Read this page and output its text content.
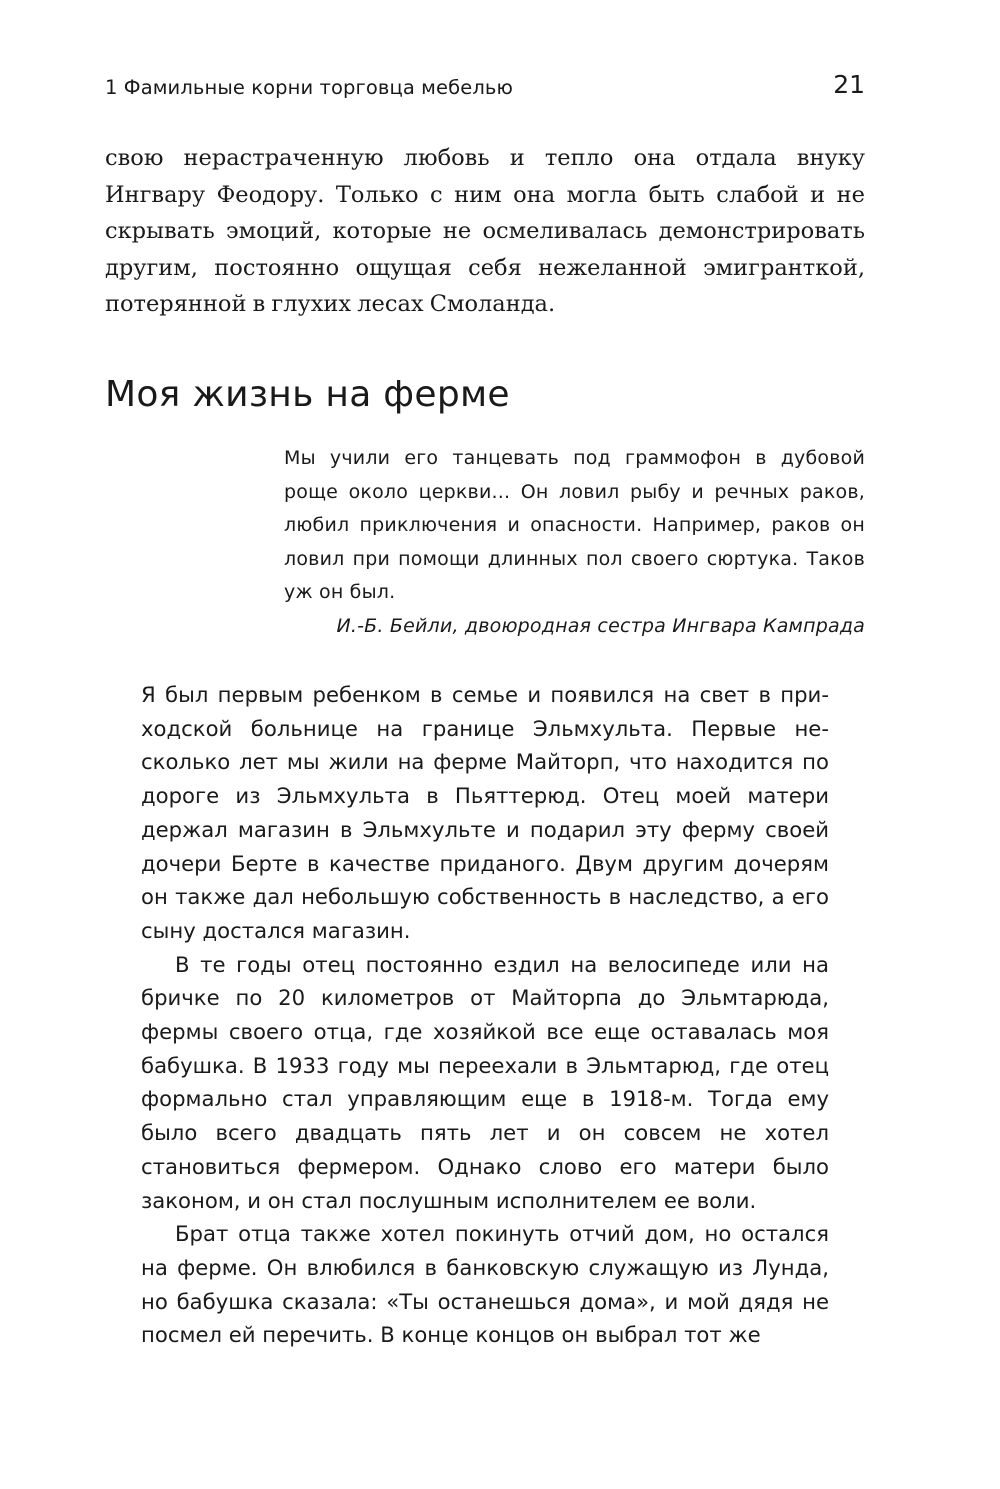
1 Фамильные корни торговца мебелью	21

свою нерастраченную любовь и тепло она отдала внуку Ингвару Феодору. Только с ним она могла быть слабой и не скрывать эмоций, которые не осмеливалась демонстрировать другим, постоянно ощущая себя нежеланной эмигранткой, потерянной в глухих лесах Смоланда.

Моя жизнь на ферме

Мы учили его танцевать под граммофон в дубовой роще около церкви... Он ловил рыбу и речных раков, любил приключения и опасности. Например, раков он ловил при помощи длинных пол своего сюртука. Таков уж он был.

И.-Б. Бейли, двоюродная сестра Ингвара Кампрада

Я был первым ребенком в семье и появился на свет в приходской больнице на границе Эльмхульта. Первые несколько лет мы жили на ферме Майторп, что находится по дороге из Эльмхульта в Пьяттерюд. Отец моей матери держал магазин в Эльмхульте и подарил эту ферму своей дочери Берте в качестве приданого. Двум другим дочерям он также дал небольшую собственность в наследство, а его сыну достался магазин.

В те годы отец постоянно ездил на велосипеде или на бричке по 20 километров от Майторпа до Эльмтарюда, фермы своего отца, где хозяйкой все еще оставалась моя бабушка. В 1933 году мы переехали в Эльмтарюд, где отец формально стал управляющим еще в 1918-м. Тогда ему было всего двадцать пять лет и он совсем не хотел становиться фермером. Однако слово его матери было законом, и он стал послушным исполнителем ее воли.

Брат отца также хотел покинуть отчий дом, но остался на ферме. Он влюбился в банковскую служащую из Лунда, но бабушка сказала: «Ты останешься дома», и мой дядя не посмел ей перечить. В конце концов он выбрал тот же
